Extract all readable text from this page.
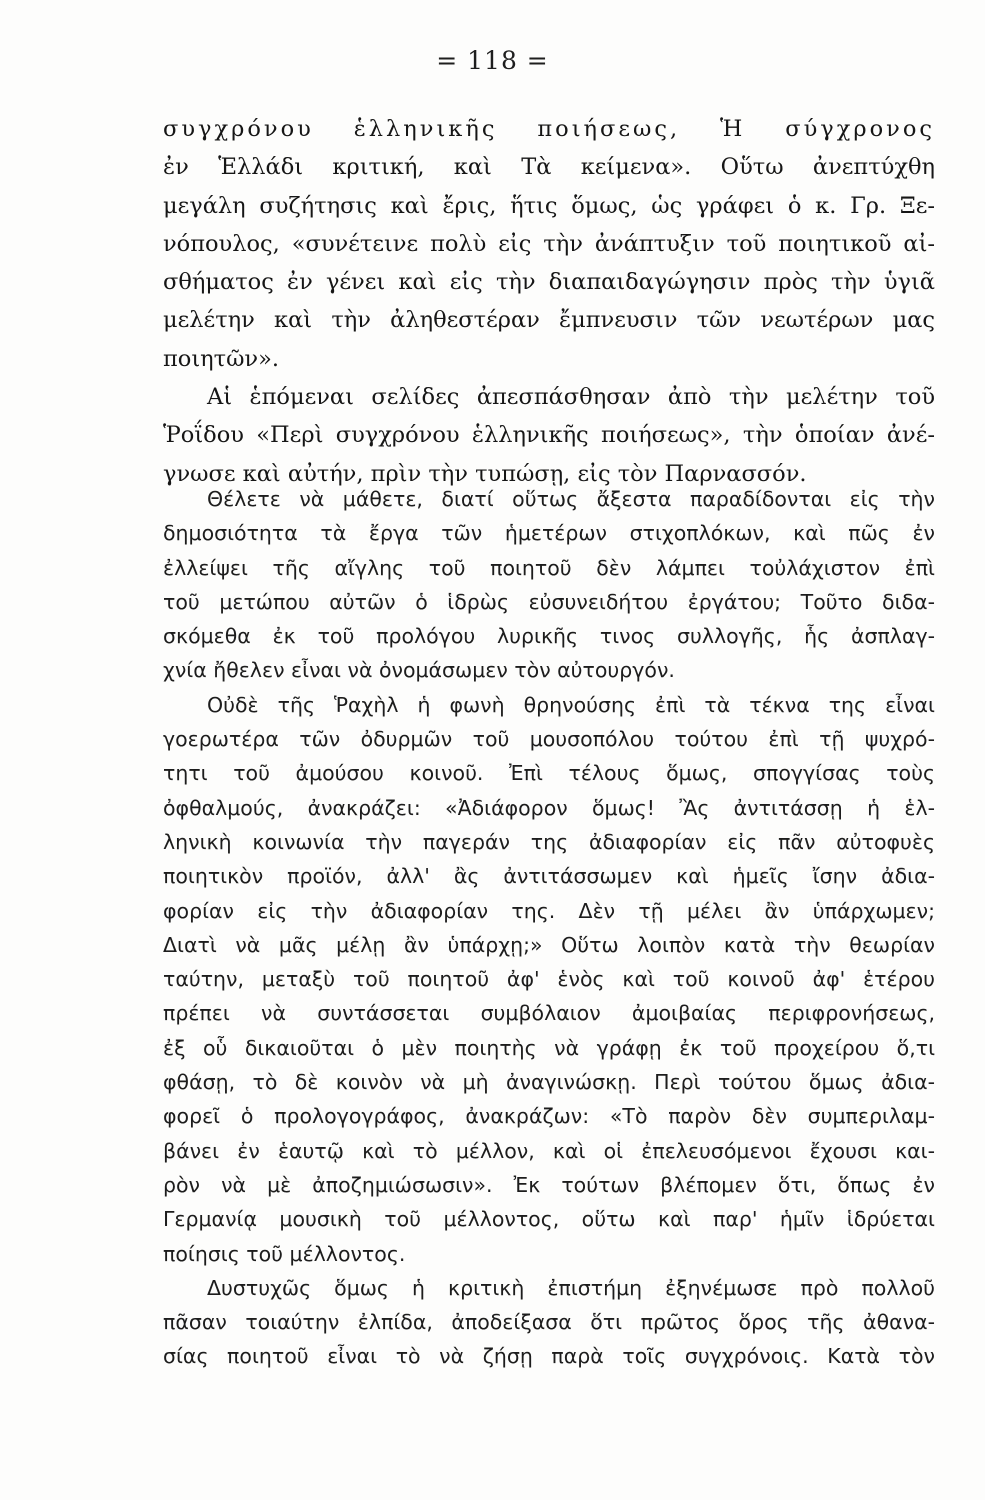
= 118 =
συγχρόνου ἑλληνικῆς ποιήσεως, Ἡ σύγχρονος
ἐν Ἑλλάδι κριτική, καὶ Τὰ κείμενα». Οὕτω ἀνεπτύχθη
μεγάλη συζήτησις καὶ ἔρις, ἥτις ὅμως, ὡς γράφει ὁ κ. Γρ. Ξε-
νόπουλος, «συνέτεινε πολὺ εἰς τὴν ἀνάπτυξιν τοῦ ποιητικοῦ αἰ-
σθήματος ἐν γένει καὶ εἰς τὴν διαπαιδαγώγησιν πρὸς τὴν ὑγιᾶ
μελέτην καὶ τὴν ἀληθεστέραν ἔμπνευσιν τῶν νεωτέρων μας
ποιητῶν».
Αἱ ἑπόμεναι σελίδες ἀπεσπάσθησαν ἀπὸ τὴν μελέτην τοῦ
Ῥοΐδου «Περὶ συγχρόνου ἑλληνικῆς ποιήσεως», τὴν ὁποίαν ἀνέ-
γνωσε καὶ αὐτήν, πρὶν τὴν τυπώσῃ, εἰς τὸν Παρνασσόν.
Θέλετε νὰ μάθετε, διατί οὕτως ἄξεστα παραδίδονται εἰς τὴν
δημοσιότητα τὰ ἔργα τῶν ἡμετέρων στιχοπλόκων, καὶ πῶς ἐν
ἐλλείψει τῆς αἴγλης τοῦ ποιητοῦ δὲν λάμπει τοὐλάχιστον ἐπὶ
τοῦ μετώπου αὐτῶν ὁ ἱδρὼς εὐσυνειδήτου ἐργάτου; Τοῦτο διδα-
σκόμεθα ἐκ τοῦ προλόγου λυρικῆς τινος συλλογῆς, ἧς ἀσπλαγ-
χνία ἤθελεν εἶναι νὰ ὀνομάσωμεν τὸν αὐτουργόν.
Οὐδὲ τῆς Ῥαχὴλ ἡ φωνὴ θρηνούσης ἐπὶ τὰ τέκνα της εἶναι
γοερωτέρα τῶν ὀδυρμῶν τοῦ μουσοπόλου τούτου ἐπὶ τῇ ψυχρό-
τητι τοῦ ἀμούσου κοινοῦ. Ἐπὶ τέλους ὅμως, σπογγίσας τοὺς
ὀφθαλμούς, ἀνακράζει: «Ἀδιάφορον ὅμως! Ἂς ἀντιτάσσῃ ἡ ἑλ-
ληνικὴ κοινωνία τὴν παγεράν της ἀδιαφορίαν εἰς πᾶν αὐτοφυὲς
ποιητικὸν προϊόν, ἀλλ' ἂς ἀντιτάσσωμεν καὶ ἡμεῖς ἴσην ἀδια-
φορίαν εἰς τὴν ἀδιαφορίαν της. Δὲν τῇ μέλει ἂν ὑπάρχωμεν;
Διατὶ νὰ μᾶς μέλῃ ἂν ὑπάρχῃ;» Οὕτω λοιπὸν κατὰ τὴν θεωρίαν
ταύτην, μεταξὺ τοῦ ποιητοῦ ἀφ' ἑνὸς καὶ τοῦ κοινοῦ ἀφ' ἑτέρου
πρέπει νὰ συντάσσεται συμβόλαιον ἀμοιβαίας περιφρονήσεως,
ἐξ οὗ δικαιοῦται ὁ μὲν ποιητὴς νὰ γράφῃ ἐκ τοῦ προχείρου ὅ,τι
φθάσῃ, τὸ δὲ κοινὸν νὰ μὴ ἀναγινώσκῃ. Περὶ τούτου ὅμως ἀδια-
φορεῖ ὁ προλογογράφος, ἀνακράζων: «Τὸ παρὸν δὲν συμπεριλαμ-
βάνει ἐν ἑαυτῷ καὶ τὸ μέλλον, καὶ οἱ ἐπελευσόμενοι ἔχουσι και-
ρὸν νὰ μὲ ἀποζημιώσωσιν». Ἐκ τούτων βλέπομεν ὅτι, ὅπως ἐν
Γερμανίᾳ μουσικὴ τοῦ μέλλοντος, οὕτω καὶ παρ' ἡμῖν ἱδρύεται
ποίησις τοῦ μέλλοντος.
Δυστυχῶς ὅμως ἡ κριτικὴ ἐπιστήμη ἐξηνέμωσε πρὸ πολλοῦ
πᾶσαν τοιαύτην ἐλπίδα, ἀποδείξασα ὅτι πρῶτος ὅρος τῆς ἀθανα-
σίας ποιητοῦ εἶναι τὸ νὰ ζήσῃ παρὰ τοῖς συγχρόνοις. Κατὰ τὸν
